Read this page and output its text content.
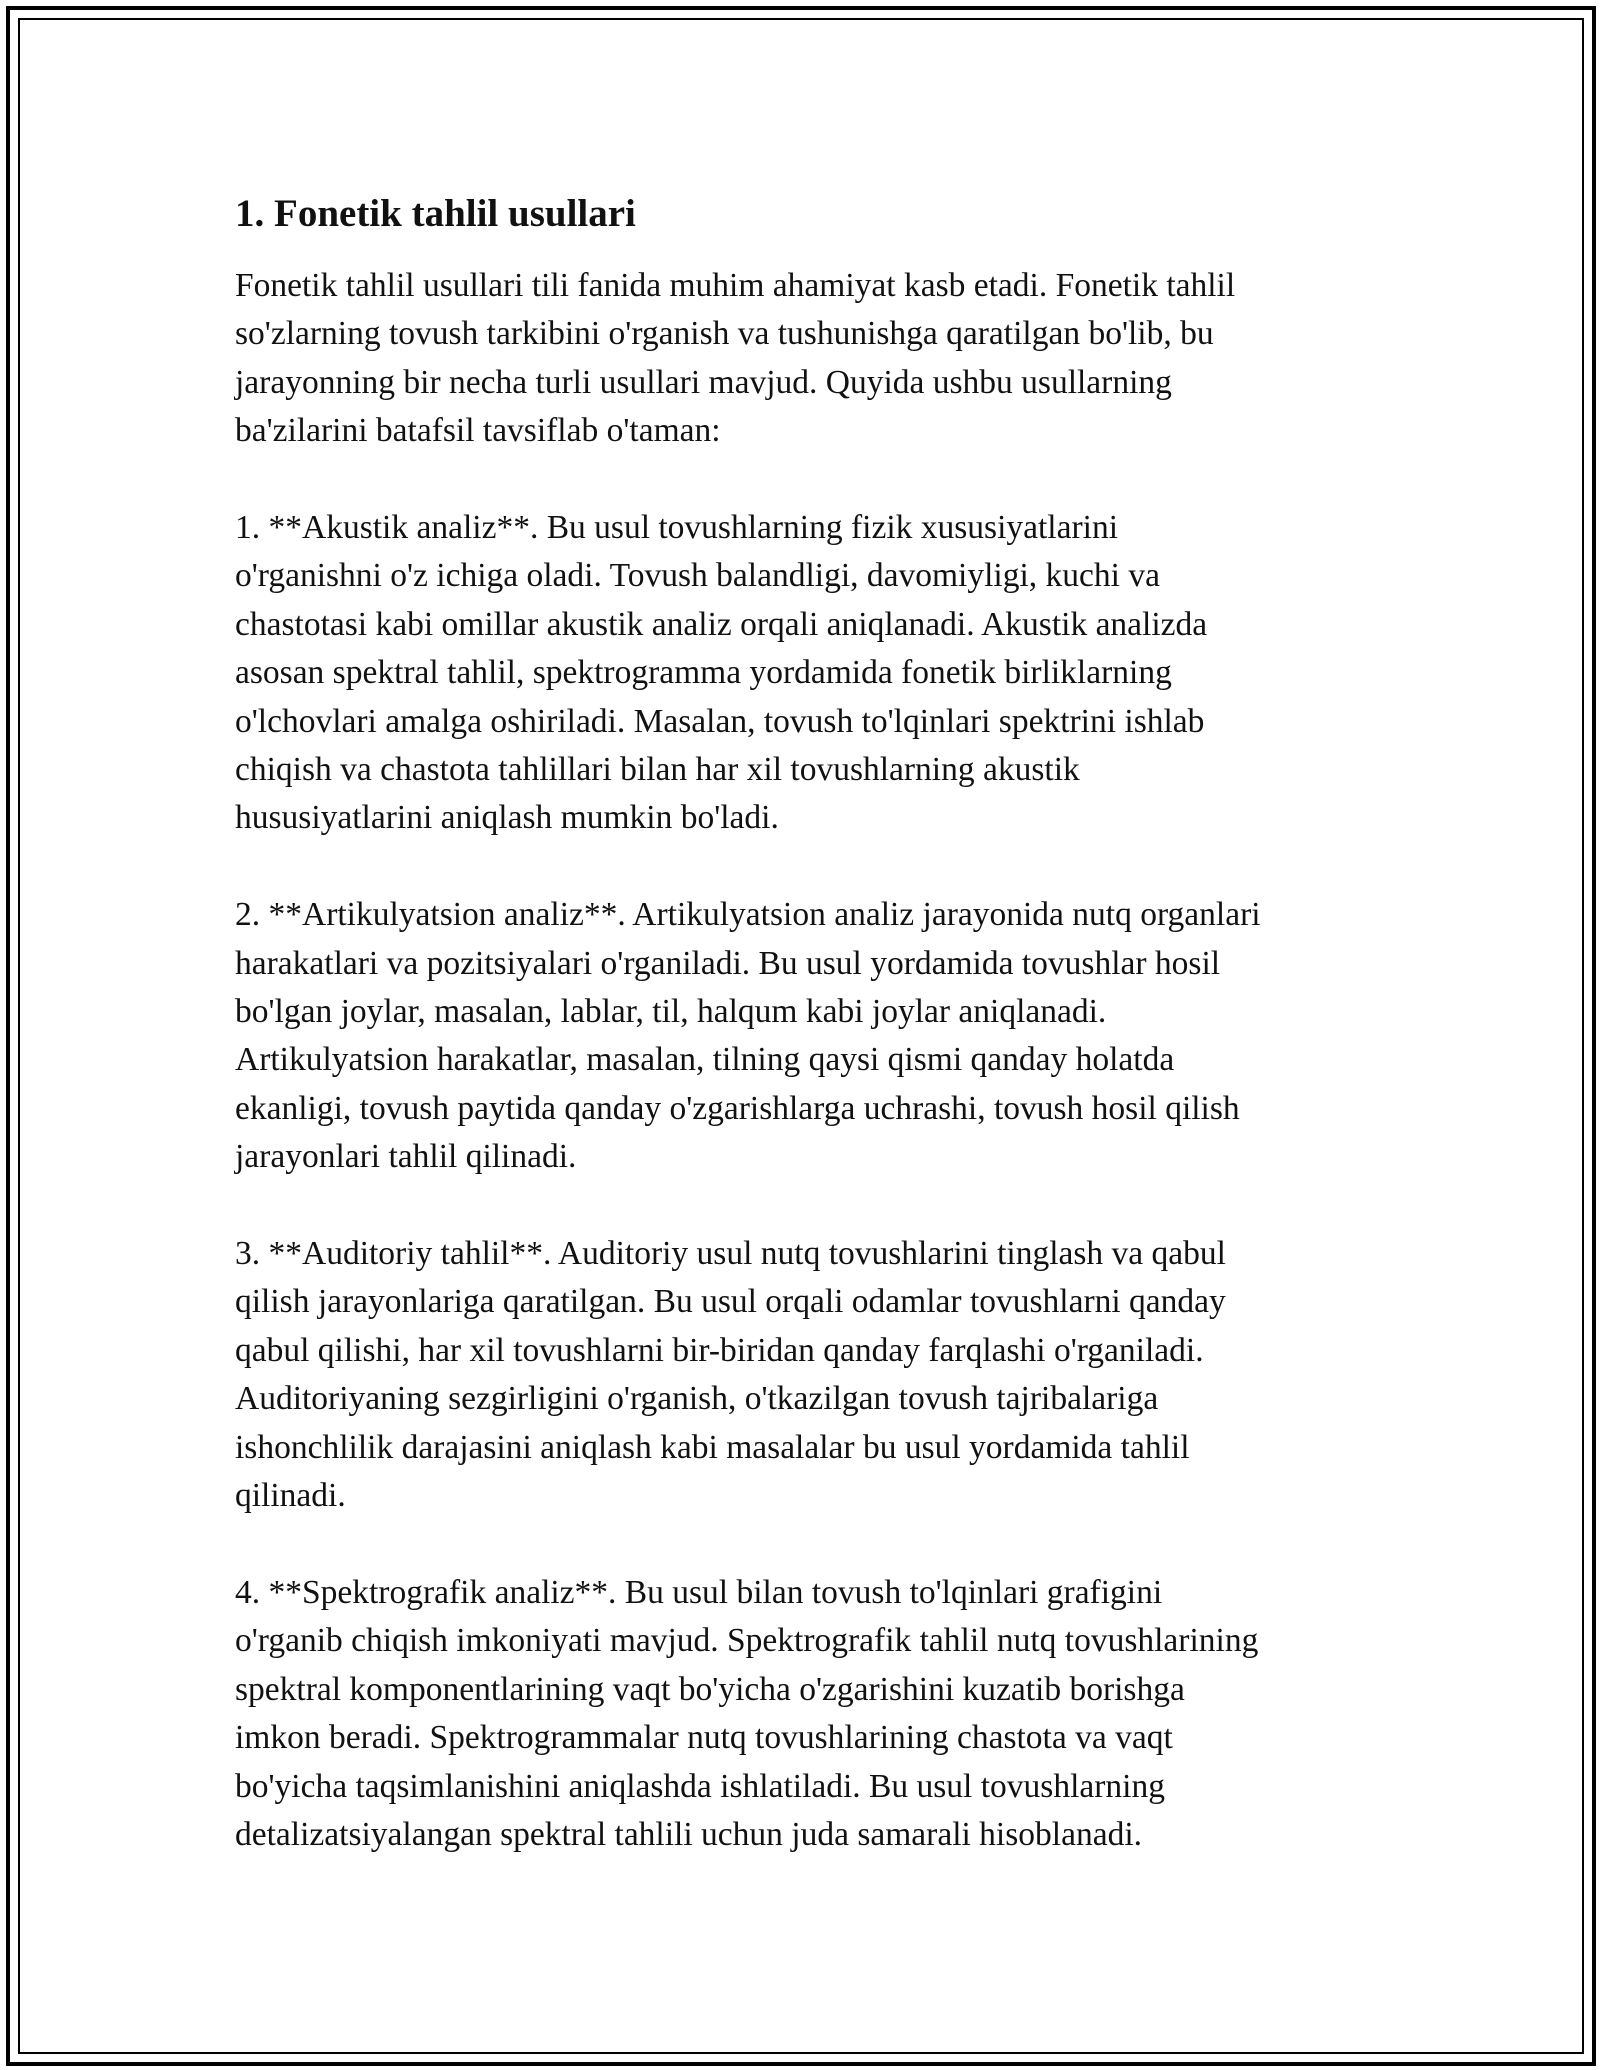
1. Fonetik tahlil usullari

Fonetik tahlil usullari tili fanida muhim ahamiyat kasb etadi. Fonetik tahlil
so'zlarning tovush tarkibini o'rganish va tushunishga qaratilgan bo'lib, bu
jarayonning bir necha turli usullari mavjud. Quyida ushbu usullarning
ba'zilarini batafsil tavsiflab o'taman:

1. **Akustik analiz**. Bu usul tovushlarning fizik xususiyatlarini
o'rganishni o'z ichiga oladi. Tovush balandligi, davomiyligi, kuchi va
chastotasi kabi omillar akustik analiz orqali aniqlanadi. Akustik analizda
asosan spektral tahlil, spektrogramma yordamida fonetik birliklarning
o'lchovlari amalga oshiriladi. Masalan, tovush to'lqinlari spektrini ishlab
chiqish va chastota tahlillari bilan har xil tovushlarning akustik
hususiyatlarini aniqlash mumkin bo'ladi.

2. **Artikulyatsion analiz**. Artikulyatsion analiz jarayonida nutq organlari
harakatlari va pozitsiyalari o'rganiladi. Bu usul yordamida tovushlar hosil
bo'lgan joylar, masalan, lablar, til, halqum kabi joylar aniqlanadi.
Artikulyatsion harakatlar, masalan, tilning qaysi qismi qanday holatda
ekanligi, tovush paytida qanday o'zgarishlarga uchrashi, tovush hosil qilish
jarayonlari tahlil qilinadi.

3. **Auditoriy tahlil**. Auditoriy usul nutq tovushlarini tinglash va qabul
qilish jarayonlariga qaratilgan. Bu usul orqali odamlar tovushlarni qanday
qabul qilishi, har xil tovushlarni bir-biridan qanday farqlashi o'rganiladi.
Auditoriyaning sezgirligini o'rganish, o'tkazilgan tovush tajribalariga
ishonchlilik darajasini aniqlash kabi masalalar bu usul yordamida tahlil
qilinadi.

4. **Spektrografik analiz**. Bu usul bilan tovush to'lqinlari grafigini
o'rganib chiqish imkoniyati mavjud. Spektrografik tahlil nutq tovushlarining
spektral komponentlarining vaqt bo'yicha o'zgarishini kuzatib borishga
imkon beradi. Spektrogrammalar nutq tovushlarining chastota va vaqt
bo'yicha taqsimlanishini aniqlashda ishlatiladi. Bu usul tovushlarning
detalizatsiyalangan spektral tahlili uchun juda samarali hisoblanadi.
